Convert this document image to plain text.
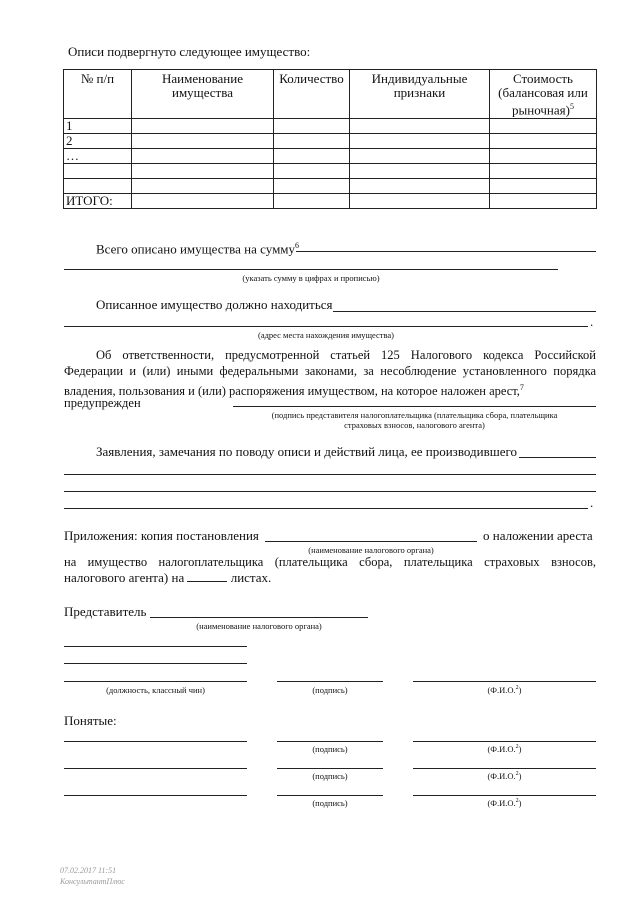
Описи подвергнуто следующее имущество:
№ п/п	Наименование имущества	Количество	Индивидуальные признаки	Стоимость (балансовая или рыночная)$^5$
1				
2				
…				

ИТОГО:				
Всего описано имущества на сумму$^6$
(указать сумму в цифрах и прописью)
Описанное имущество должно находиться
.
(адрес места нахождения имущества)
Об ответственности, предусмотренной статьей 125 Налогового кодекса Российской
Федерации и (или) иными федеральными законами, за несоблюдение установленного порядка
владения, пользования и (или) распоряжения имуществом, на которое наложен арест,$^7$
предупрежден
(подпись представителя налогоплательщика (плательщика сбора, плательщика
страховых взносов, налогового агента)
Заявления, замечания по поводу описи и действий лица, ее производившего
.
Приложения: копия постановления	о наложении ареста
(наименование налогового органа)
на имущество налогоплательщика (плательщика сбора, плательщика страховых взносов,
налогового агента) на	листах.
Представитель
(наименование налогового органа)
(должность, классный чин)	(подпись)	(Ф.И.О.$^2$)
Понятые:
(подпись)	(Ф.И.О.$^2$)
(подпись)	(Ф.И.О.$^2$)
(подпись)	(Ф.И.О.$^2$)
07.02.2017 11:51
КонсультантПлюс
